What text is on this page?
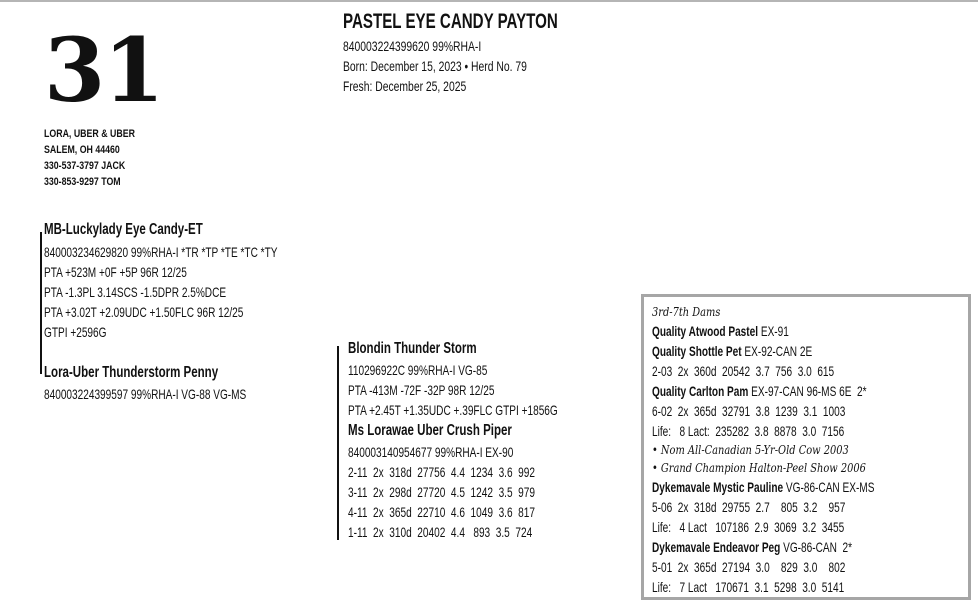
31
LORA, UBER & UBER
SALEM, OH 44460
330-537-3797 JACK
330-853-9297 TOM
PASTEL EYE CANDY PAYTON
840003224399620 99%RHA-I
Born: December 15, 2023 • Herd No. 79
Fresh: December 25, 2025
MB-Luckylady Eye Candy-ET
840003234629820 99%RHA-I *TR *TP *TE *TC *TY
PTA +523M +0F +5P 96R 12/25
PTA -1.3PL 3.14SCS -1.5DPR 2.5%DCE
PTA +3.02T +2.09UDC +1.50FLC 96R 12/25
GTPI +2596G
Lora-Uber Thunderstorm Penny
840003224399597 99%RHA-I VG-88 VG-MS
Blondin Thunder Storm
110296922C 99%RHA-I VG-85
PTA -413M -72F -32P 98R 12/25
PTA +2.45T +1.35UDC +.39FLC GTPI +1856G
Ms Lorawae Uber Crush Piper
840003140954677 99%RHA-I EX-90
2-11  2x  318d  27756  4.4  1234  3.6  992
3-11  2x  298d  27720  4.5  1242  3.5  979
4-11  2x  365d  22710  4.6  1049  3.6  817
1-11  2x  310d  20402  4.4   893  3.5  724
3rd-7th Dams
Quality Atwood Pastel EX-91
Quality Shottle Pet EX-92-CAN 2E
2-03  2x  360d  20542  3.7  756  3.0  615
Quality Carlton Pam EX-97-CAN 96-MS 6E  2*
6-02  2x  365d  32791  3.8  1239  3.1  1003
Life:   8 Lact:  235282  3.8  8878  3.0  7156
• Nom All-Canadian 5-Yr-Old Cow 2003
• Grand Champion Halton-Peel Show 2006
Dykemavale Mystic Pauline VG-86-CAN EX-MS
5-06  2x  318d  29755  2.7    805  3.2    957
Life:   4 Lact   107186  2.9  3069  3.2  3455
Dykemavale Endeavor Peg VG-86-CAN  2*
5-01  2x  365d  27194  3.0    829  3.0    802
Life:   7 Lact   170671  3.1  5298  3.0  5141
